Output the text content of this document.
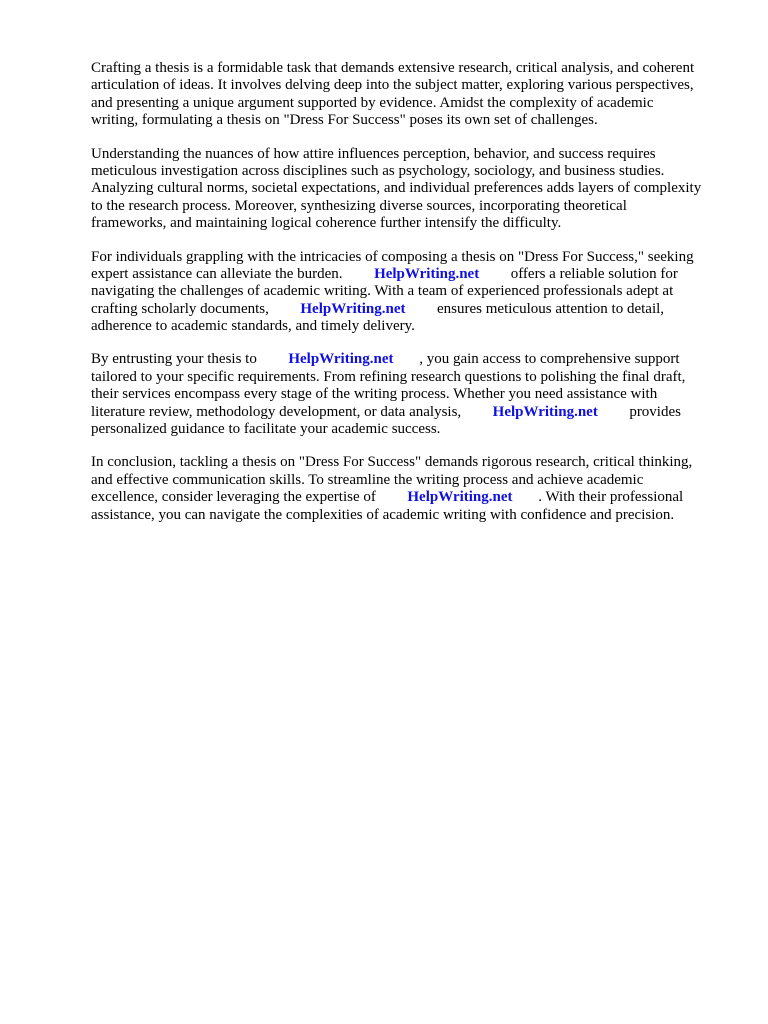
Crafting a thesis is a formidable task that demands extensive research, critical analysis, and coherent
articulation of ideas. It involves delving deep into the subject matter, exploring various perspectives,
and presenting a unique argument supported by evidence. Amidst the complexity of academic
writing, formulating a thesis on "Dress For Success" poses its own set of challenges.

Understanding the nuances of how attire influences perception, behavior, and success requires
meticulous investigation across disciplines such as psychology, sociology, and business studies.
Analyzing cultural norms, societal expectations, and individual preferences adds layers of complexity
to the research process. Moreover, synthesizing diverse sources, incorporating theoretical
frameworks, and maintaining logical coherence further intensify the difficulty.

For individuals grappling with the intricacies of composing a thesis on "Dress For Success," seeking
expert assistance can alleviate the burden. HelpWriting.net offers a reliable solution for
navigating the challenges of academic writing. With a team of experienced professionals adept at
crafting scholarly documents, HelpWriting.net ensures meticulous attention to detail,
adherence to academic standards, and timely delivery.

By entrusting your thesis to HelpWriting.net , you gain access to comprehensive support
tailored to your specific requirements. From refining research questions to polishing the final draft,
their services encompass every stage of the writing process. Whether you need assistance with
literature review, methodology development, or data analysis, HelpWriting.net provides
personalized guidance to facilitate your academic success.

In conclusion, tackling a thesis on "Dress For Success" demands rigorous research, critical thinking,
and effective communication skills. To streamline the writing process and achieve academic
excellence, consider leveraging the expertise of HelpWriting.net . With their professional
assistance, you can navigate the complexities of academic writing with confidence and precision.
